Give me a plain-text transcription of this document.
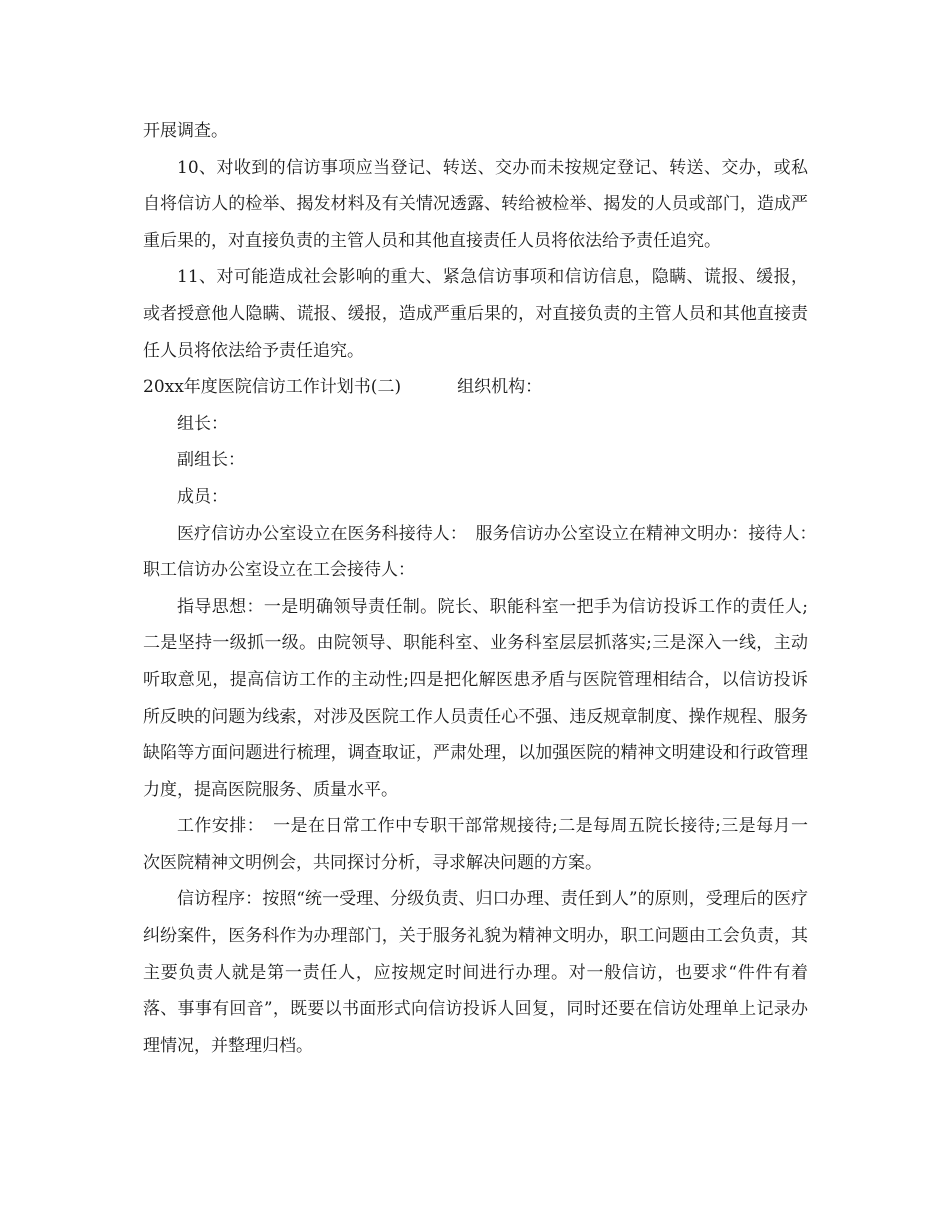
开展调查。

10、对收到的信访事项应当登记、转送、交办而未按规定登记、转送、交办，或私自将信访人的检举、揭发材料及有关情况透露、转给被检举、揭发的人员或部门，造成严重后果的，对直接负责的主管人员和其他直接责任人员将依法给予责任追究。

11、对可能造成社会影响的重大、紧急信访事项和信访信息，隐瞒、谎报、缓报，或者授意他人隐瞒、谎报、缓报，造成严重后果的，对直接负责的主管人员和其他直接责任人员将依法给予责任追究。

20xx年度医院信访工作计划书(二)	组织机构：

组长：

副组长：

成员：

医疗信访办公室设立在医务科接待人：　服务信访办公室设立在精神文明办：接待人：　职工信访办公室设立在工会接待人：

指导思想：一是明确领导责任制。院长、职能科室一把手为信访投诉工作的责任人;二是坚持一级抓一级。由院领导、职能科室、业务科室层层抓落实;三是深入一线，主动听取意见，提高信访工作的主动性;四是把化解医患矛盾与医院管理相结合，以信访投诉所反映的问题为线索，对涉及医院工作人员责任心不强、违反规章制度、操作规程、服务缺陷等方面问题进行梳理，调查取证，严肃处理，以加强医院的精神文明建设和行政管理力度，提高医院服务、质量水平。

工作安排：　一是在日常工作中专职干部常规接待;二是每周五院长接待;三是每月一次医院精神文明例会，共同探讨分析，寻求解决问题的方案。

信访程序：按照“统一受理、分级负责、归口办理、责任到人”的原则，受理后的医疗纠纷案件，医务科作为办理部门，关于服务礼貌为精神文明办，职工问题由工会负责，其主要负责人就是第一责任人，应按规定时间进行办理。对一般信访，也要求“件件有着落、事事有回音”，既要以书面形式向信访投诉人回复，同时还要在信访处理单上记录办理情况，并整理归档。
